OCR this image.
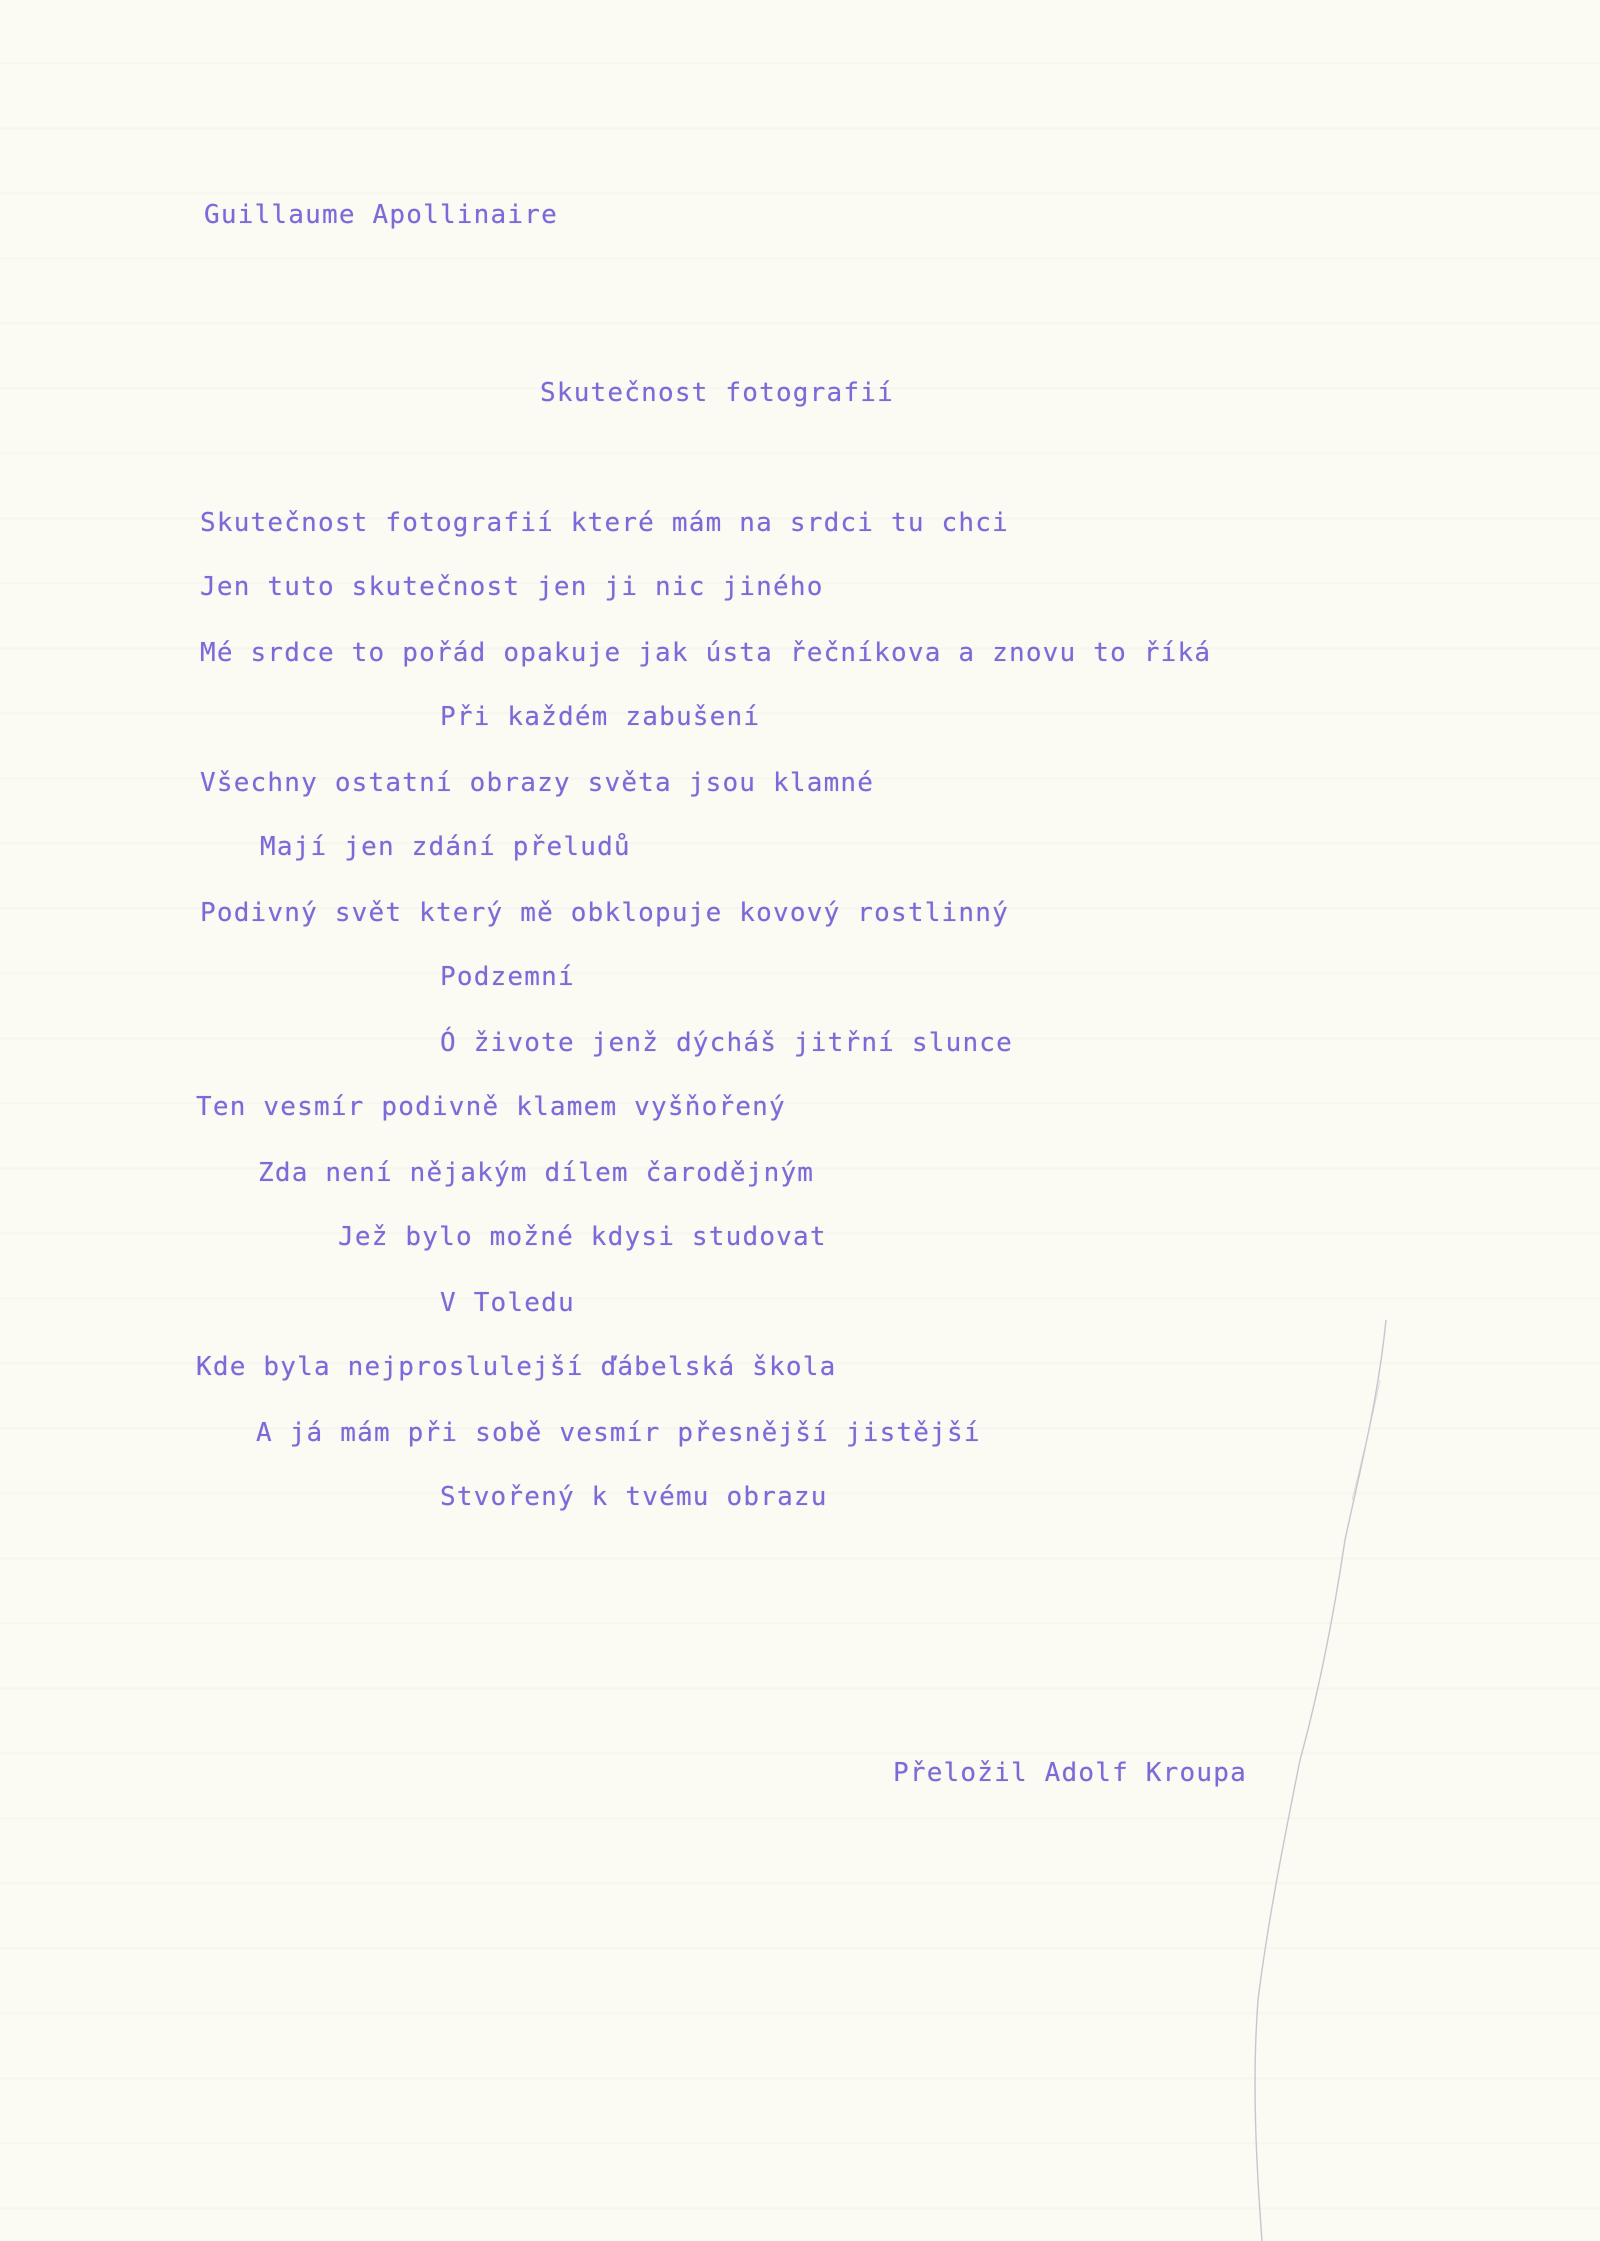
Guillaume Apollinaire

Skutečnost fotografií

Skutečnost fotografií které mám na srdci tu chci
Jen tuto skutečnost jen ji nic jiného
Mé srdce to pořád opakuje jak ústa řečníkova a znovu to říká
Při každém zabušení
Všechny ostatní obrazy světa jsou klamné
Mají jen zdání přeludů
Podivný svět který mě obklopuje kovový rostlinný
Podzemní
Ó živote jenž dýcháš jitřní slunce
Ten vesmír podivně klamem vyšňořený
Zda není nějakým dílem čarodějným
Jež bylo možné kdysi studovat
V Toledu
Kde byla nejproslulejší ďábelská škola
A já mám při sobě vesmír přesnější jistější
Stvořený k tvému obrazu

Přeložil Adolf Kroupa
